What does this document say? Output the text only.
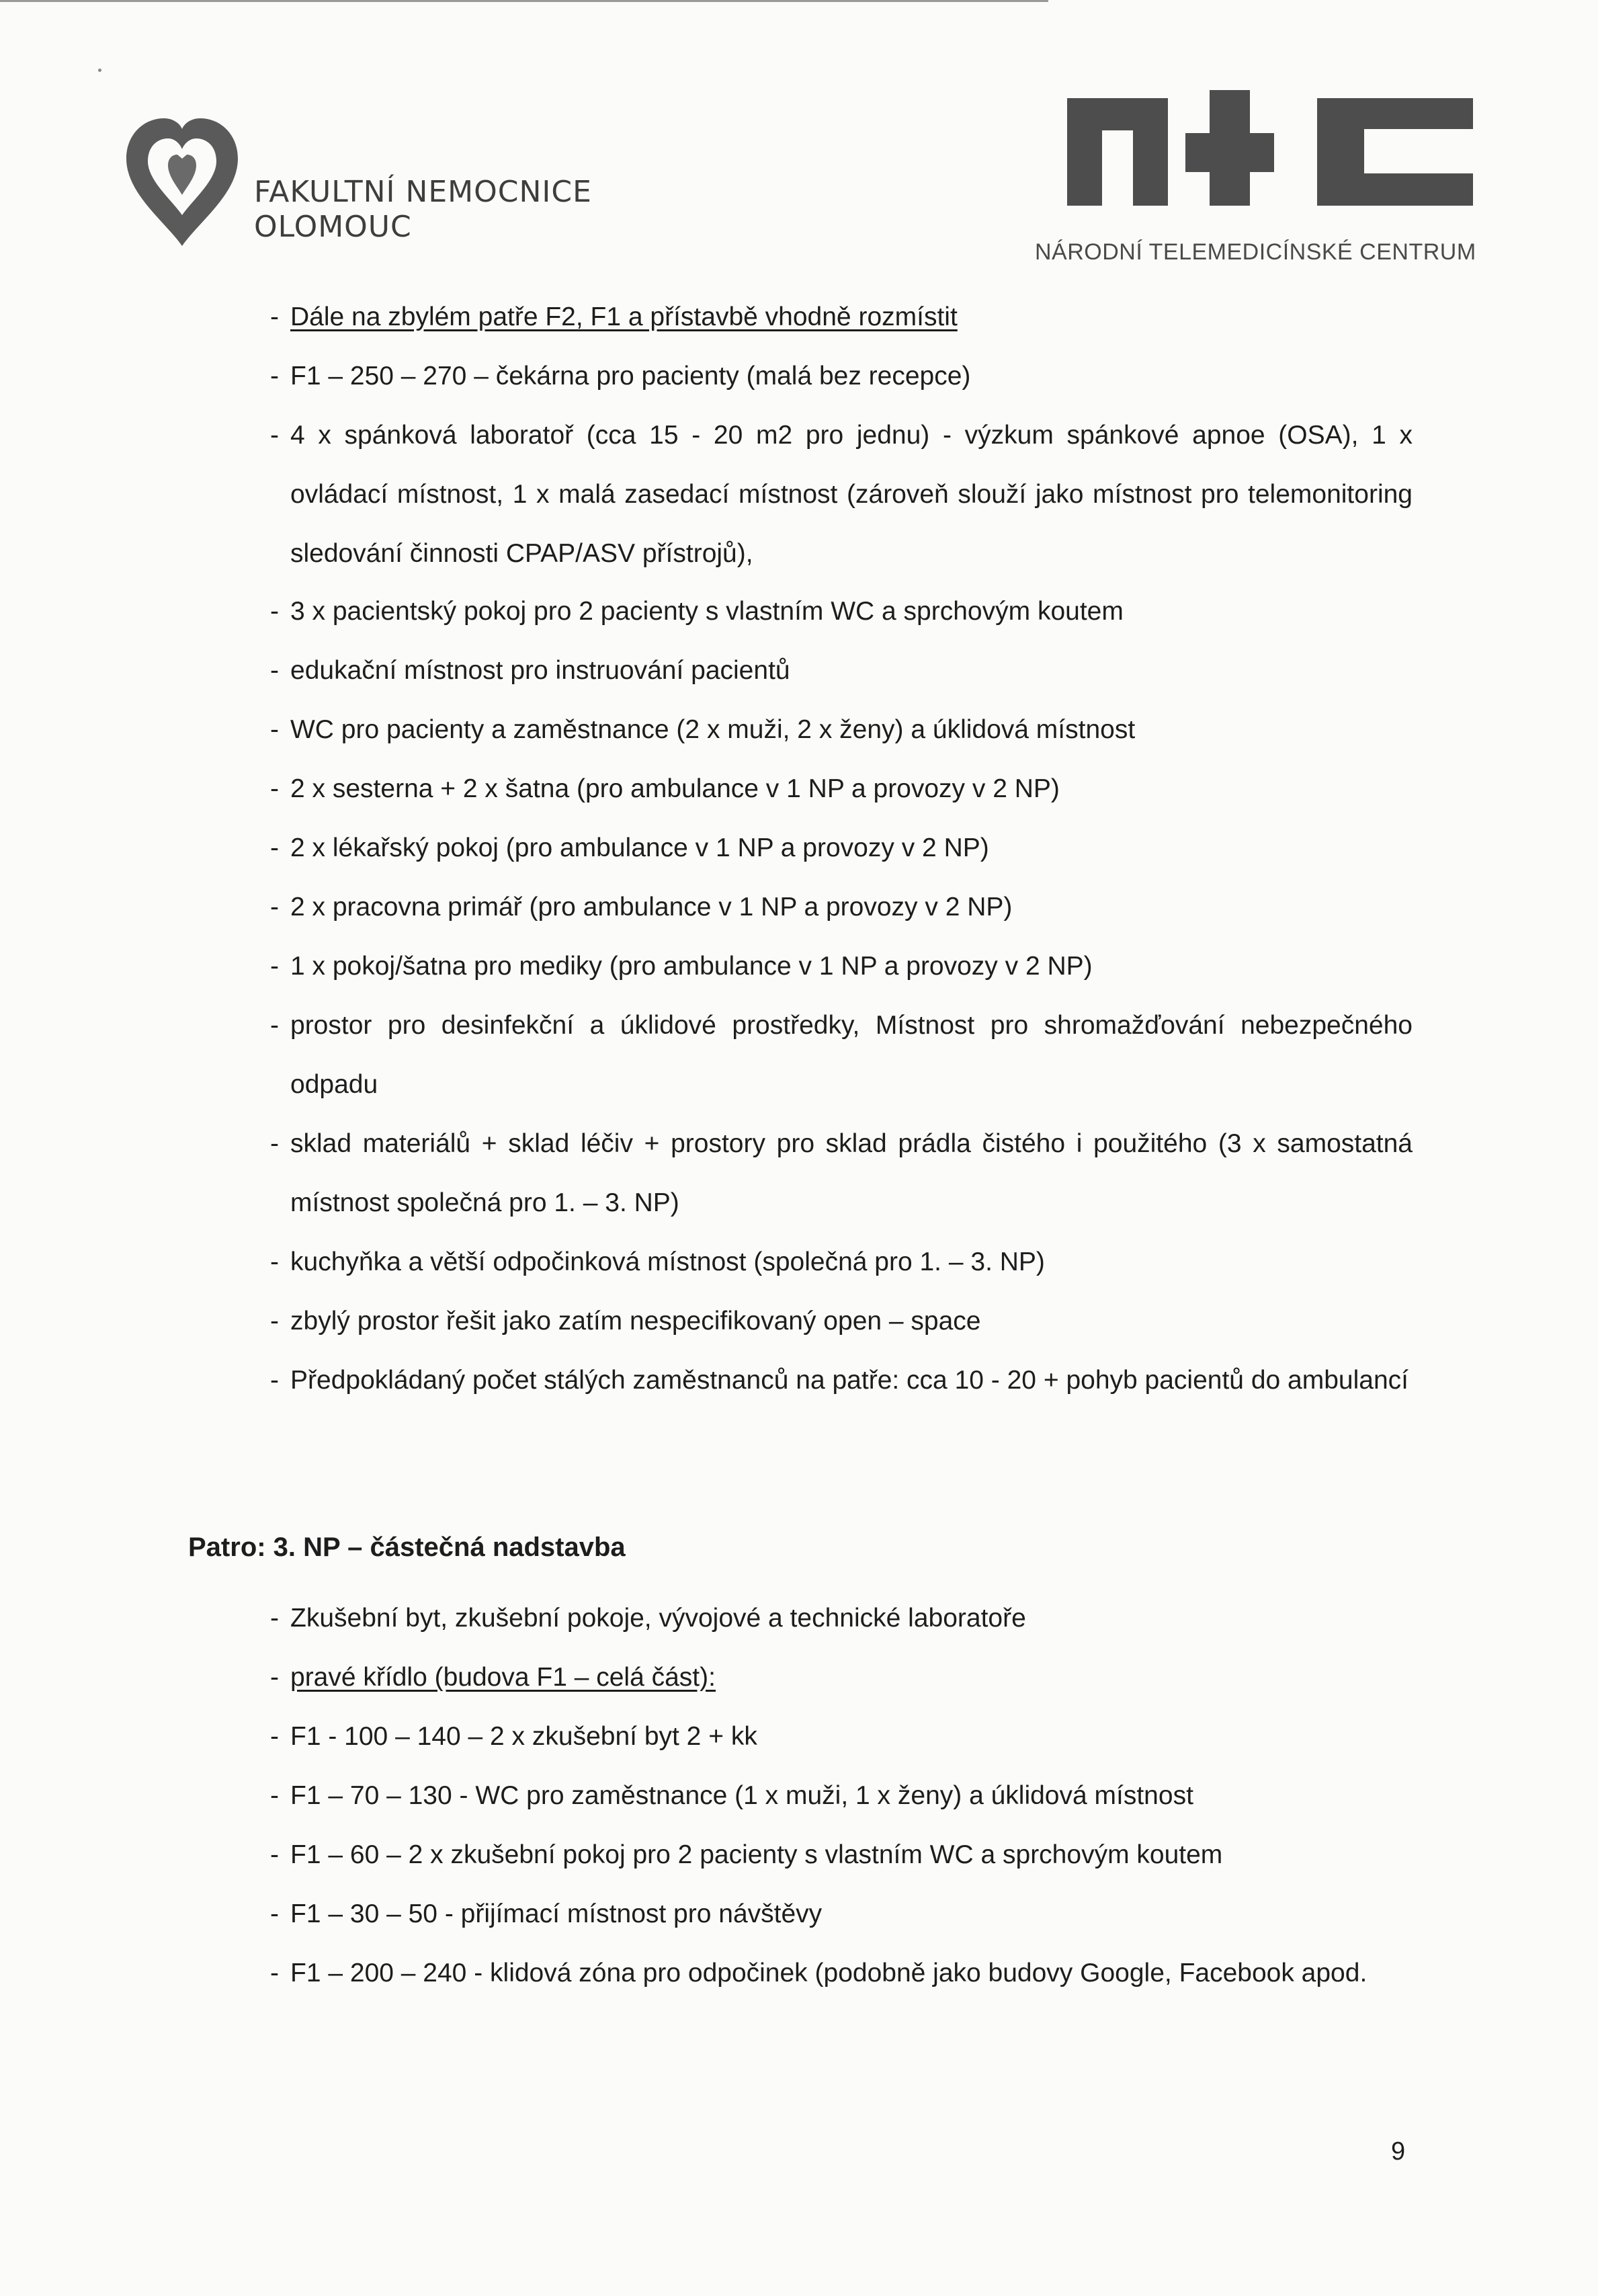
FAKULTNÍ NEMOCNICE
OLOMOUC
NÁRODNÍ TELEMEDICÍNSKÉ CENTRUM
- Dále na zbylém patře F2, F1 a přístavbě vhodně rozmístit
- F1 – 250 – 270 – čekárna pro pacienty (malá bez recepce)
- 4 x spánková laboratoř (cca 15 - 20 m2 pro jednu) - výzkum spánkové apnoe (OSA), 1 x ovládací místnost, 1 x malá zasedací místnost (zároveň slouží jako místnost pro telemonitoring sledování činnosti CPAP/ASV přístrojů),
- 3 x pacientský pokoj pro 2 pacienty s vlastním WC a sprchovým koutem
- edukační místnost pro instruování pacientů
- WC pro pacienty a zaměstnance (2 x muži, 2 x ženy) a úklidová místnost
- 2 x sesterna + 2 x šatna (pro ambulance v 1 NP a provozy v 2 NP)
- 2 x lékařský pokoj (pro ambulance v 1 NP a provozy v 2 NP)
- 2 x pracovna primář (pro ambulance v 1 NP a provozy v 2 NP)
- 1 x pokoj/šatna pro mediky (pro ambulance v 1 NP a provozy v 2 NP)
- prostor pro desinfekční a úklidové prostředky, Místnost pro shromažďování nebezpečného odpadu
- sklad materiálů + sklad léčiv + prostory pro sklad prádla čistého i použitého (3 x samostatná místnost společná pro 1. – 3. NP)
- kuchyňka a větší odpočinková místnost (společná pro 1. – 3. NP)
- zbylý prostor řešit jako zatím nespecifikovaný open – space
- Předpokládaný počet stálých zaměstnanců na patře: cca 10 - 20 + pohyb pacientů do ambulancí
Patro: 3. NP – částečná nadstavba
- Zkušební byt, zkušební pokoje, vývojové a technické laboratoře
- pravé křídlo (budova F1 – celá část):
- F1 - 100 – 140 – 2 x zkušební byt 2 + kk
- F1 – 70 – 130 - WC pro zaměstnance (1 x muži, 1 x ženy) a úklidová místnost
- F1 – 60 – 2 x zkušební pokoj pro 2 pacienty s vlastním WC a sprchovým koutem
- F1 – 30 – 50 - přijímací místnost pro návštěvy
- F1 – 200 – 240 - klidová zóna pro odpočinek (podobně jako budovy Google, Facebook apod.
9
